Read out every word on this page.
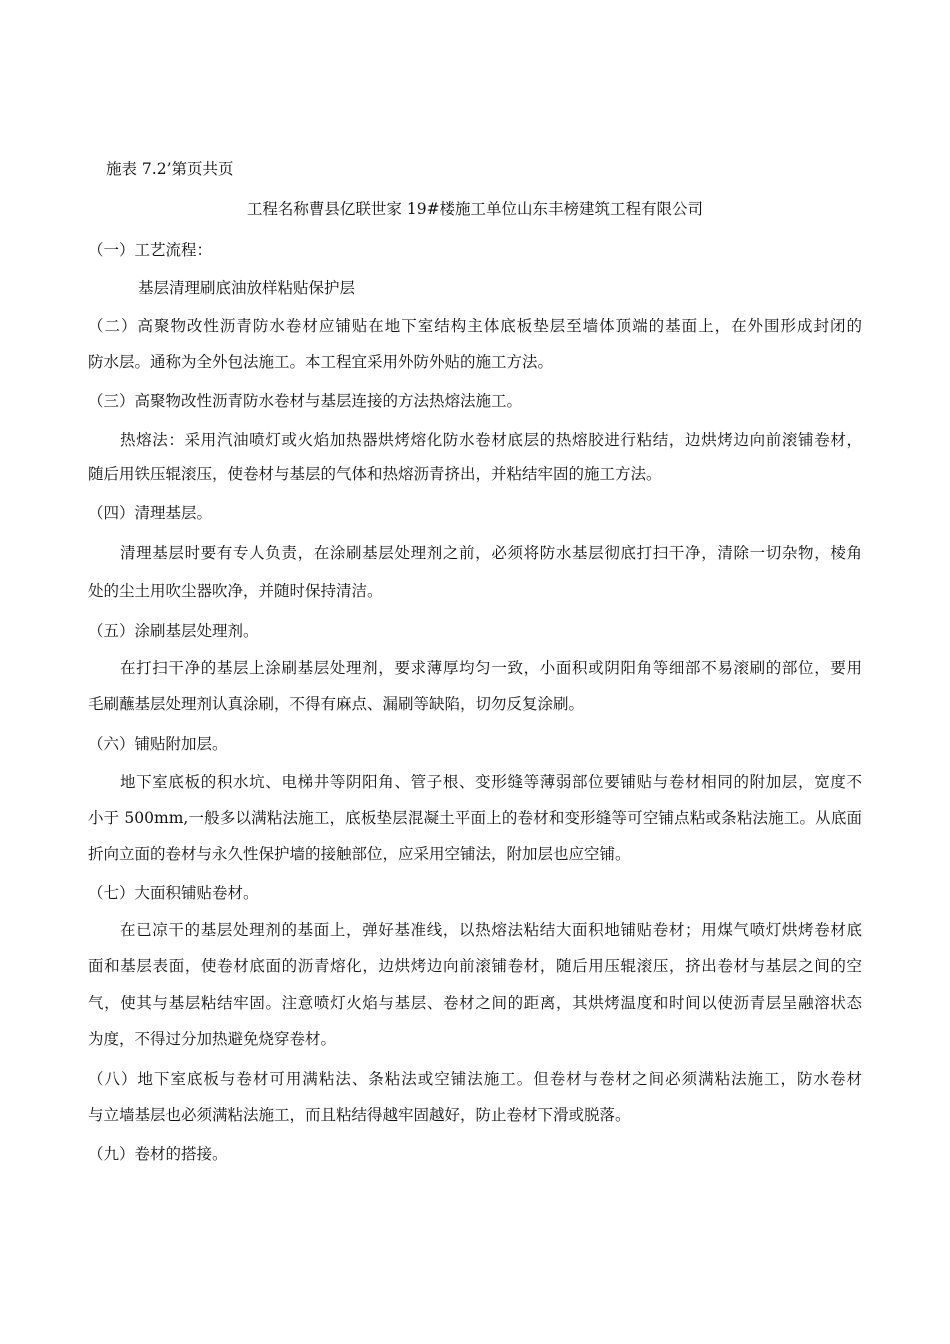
施表 7.2’第页共页

工程名称曹县亿联世家 19#楼施工单位山东丰榜建筑工程有限公司

（一）工艺流程：

基层清理刷底油放样粘贴保护层

（二）高聚物改性沥青防水卷材应铺贴在地下室结构主体底板垫层至墙体顶端的基面上，在外围形成封闭的

防水层。通称为全外包法施工。本工程宜采用外防外贴的施工方法。

（三）高聚物改性沥青防水卷材与基层连接的方法热熔法施工。

热熔法：采用汽油喷灯或火焰加热器烘烤熔化防水卷材底层的热熔胶进行粘结，边烘烤边向前滚铺卷材，

随后用铁压辊滚压，使卷材与基层的气体和热熔沥青挤出，并粘结牢固的施工方法。

（四）清理基层。

清理基层时要有专人负责，在涂刷基层处理剂之前，必须将防水基层彻底打扫干净，清除一切杂物，棱角

处的尘土用吹尘器吹净，并随时保持清洁。

（五）涂刷基层处理剂。

在打扫干净的基层上涂刷基层处理剂，要求薄厚均匀一致，小面积或阴阳角等细部不易滚刷的部位，要用

毛刷蘸基层处理剂认真涂刷，不得有麻点、漏刷等缺陷，切勿反复涂刷。

（六）铺贴附加层。

地下室底板的积水坑、电梯井等阴阳角、管子根、变形缝等薄弱部位要铺贴与卷材相同的附加层，宽度不

小于 500mm,一般多以满粘法施工，底板垫层混凝土平面上的卷材和变形缝等可空铺点粘或条粘法施工。从底面

折向立面的卷材与永久性保护墙的接触部位，应采用空铺法，附加层也应空铺。

（七）大面积铺贴卷材。

在已凉干的基层处理剂的基面上，弹好基准线，以热熔法粘结大面积地铺贴卷材；用煤气喷灯烘烤卷材底

面和基层表面，使卷材底面的沥青熔化，边烘烤边向前滚铺卷材，随后用压辊滚压，挤出卷材与基层之间的空

气，使其与基层粘结牢固。注意喷灯火焰与基层、卷材之间的距离，其烘烤温度和时间以使沥青层呈融溶状态

为度，不得过分加热避免烧穿卷材。

（八）地下室底板与卷材可用满粘法、条粘法或空铺法施工。但卷材与卷材之间必须满粘法施工，防水卷材

与立墙基层也必须满粘法施工，而且粘结得越牢固越好，防止卷材下滑或脱落。

（九）卷材的搭接。
